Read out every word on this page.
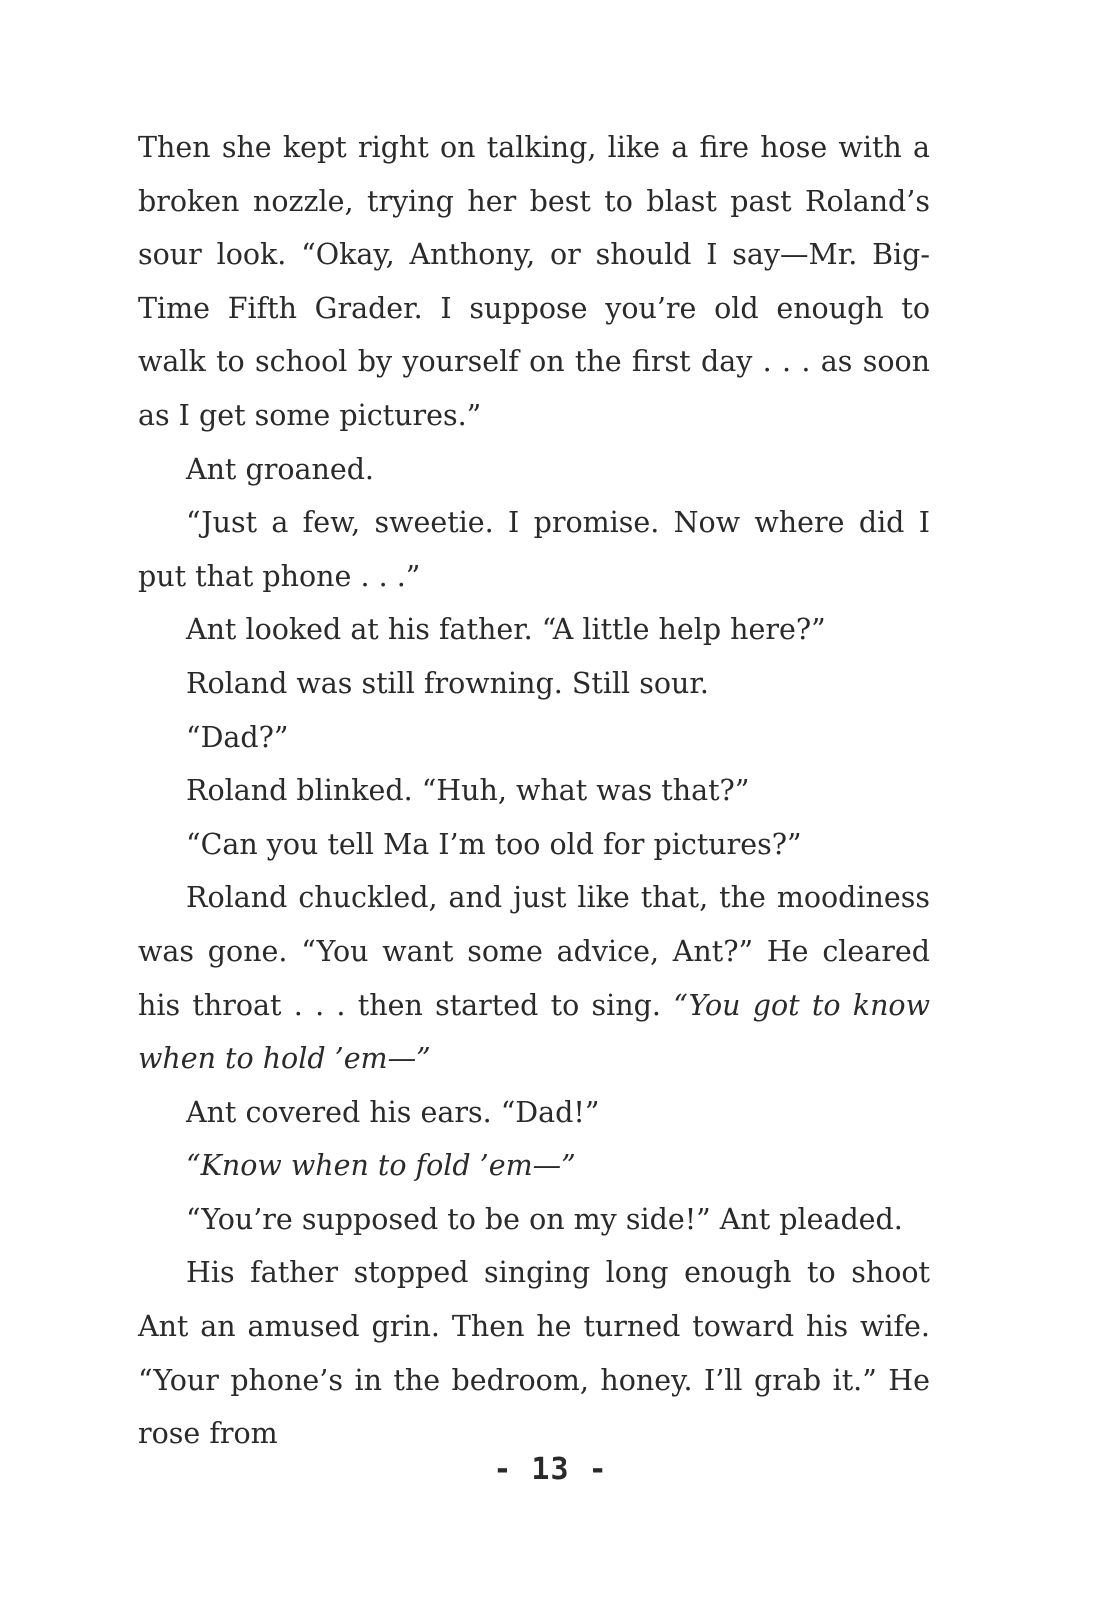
Then she kept right on talking, like a fire hose with a broken nozzle, trying her best to blast past Roland’s sour look. “Okay, Anthony, or should I say—Mr. Big-Time Fifth Grader. I suppose you’re old enough to walk to school by yourself on the first day . . . as soon as I get some pictures.”

Ant groaned.

“Just a few, sweetie. I promise. Now where did I put that phone . . .”

Ant looked at his father. “A little help here?”

Roland was still frowning. Still sour.

“Dad?”

Roland blinked. “Huh, what was that?”

“Can you tell Ma I’m too old for pictures?”

Roland chuckled, and just like that, the moodiness was gone. “You want some advice, Ant?” He cleared his throat . . . then started to sing. “You got to know when to hold ’em—”

Ant covered his ears. “Dad!”

“Know when to fold ’em—”

“You’re supposed to be on my side!” Ant pleaded.

His father stopped singing long enough to shoot Ant an amused grin. Then he turned toward his wife. “Your phone’s in the bedroom, honey. I’ll grab it.” He rose from

- 13 -
